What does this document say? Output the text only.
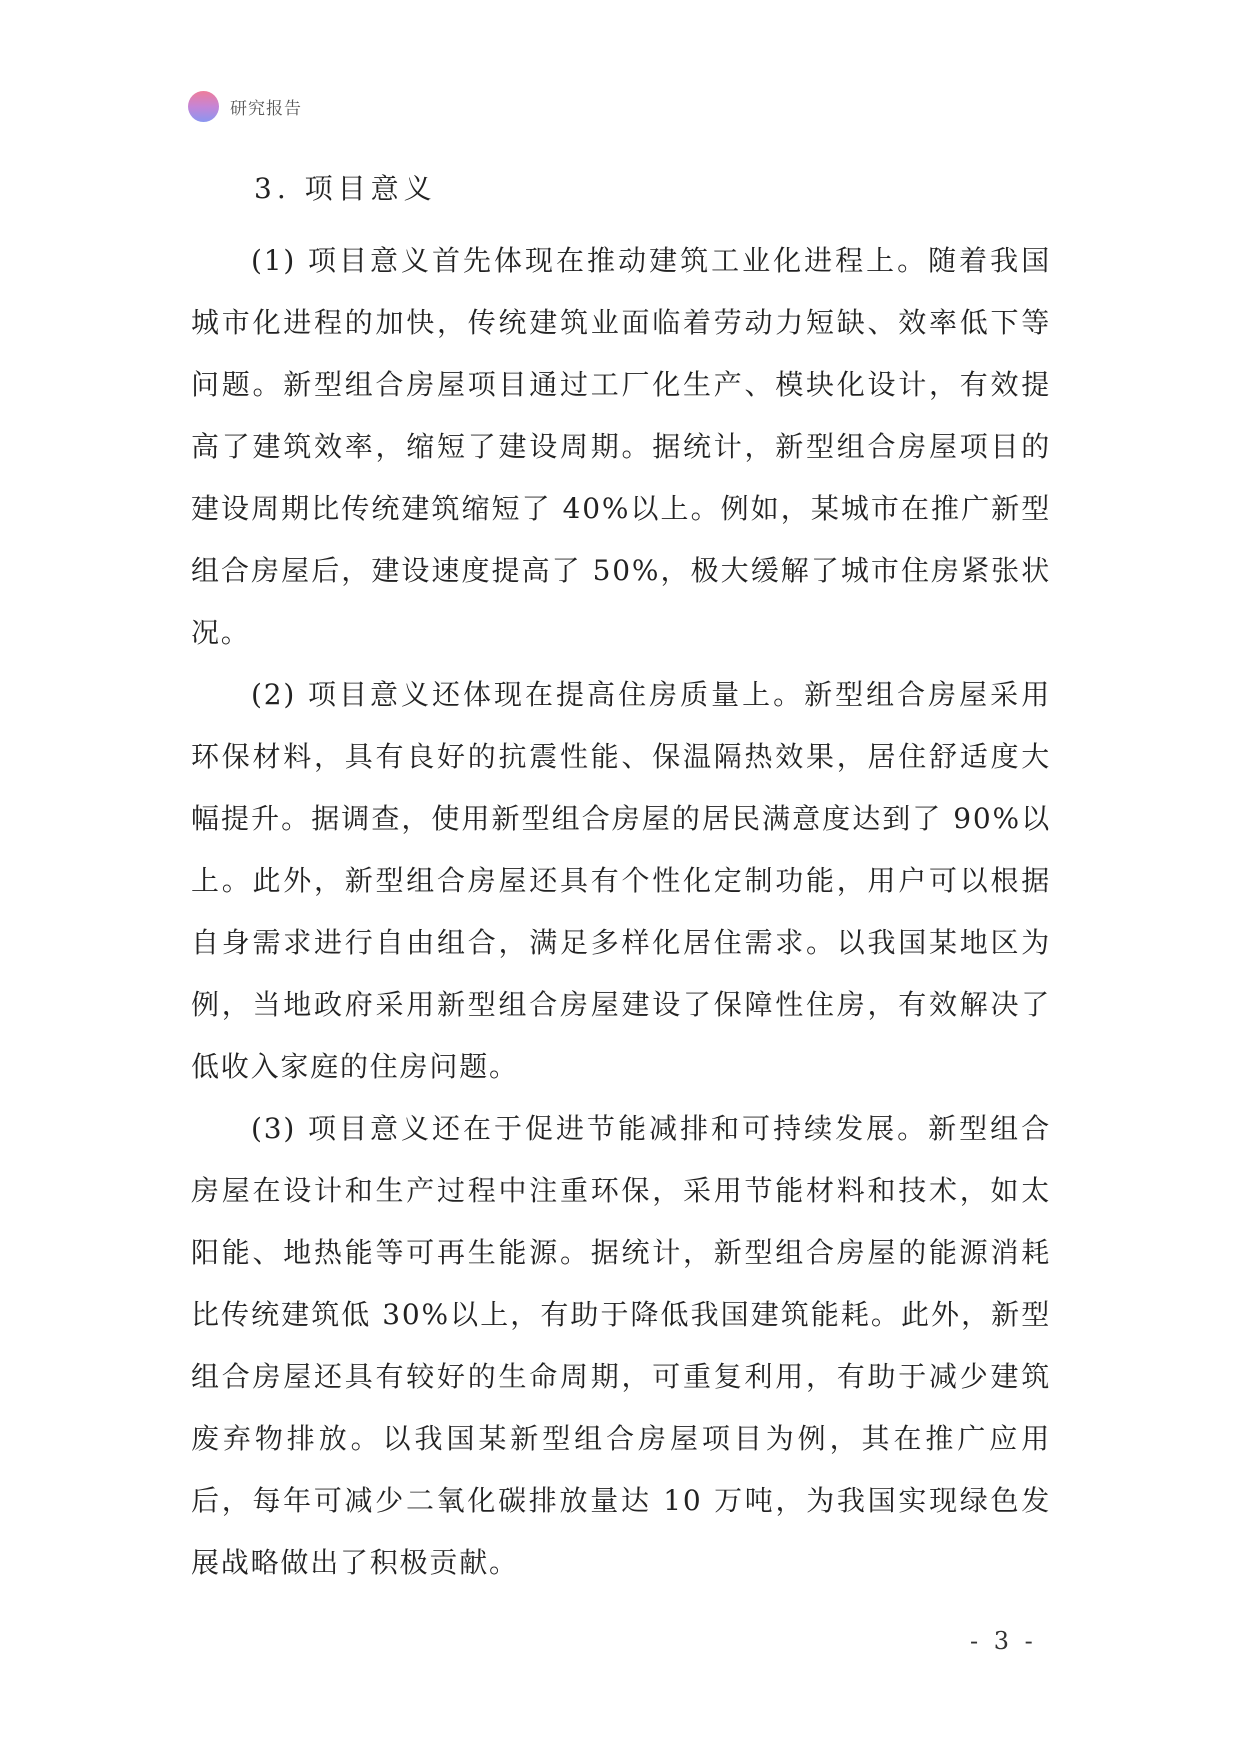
研究报告
3. 项目意义

(1) 项目意义首先体现在推动建筑工业化进程上。随着我国城市化进程的加快，传统建筑业面临着劳动力短缺、效率低下等问题。新型组合房屋项目通过工厂化生产、模块化设计，有效提高了建筑效率，缩短了建设周期。据统计，新型组合房屋项目的建设周期比传统建筑缩短了 40%以上。例如，某城市在推广新型组合房屋后，建设速度提高了 50%，极大缓解了城市住房紧张状况。

(2) 项目意义还体现在提高住房质量上。新型组合房屋采用环保材料，具有良好的抗震性能、保温隔热效果，居住舒适度大幅提升。据调查，使用新型组合房屋的居民满意度达到了 90%以上。此外，新型组合房屋还具有个性化定制功能，用户可以根据自身需求进行自由组合，满足多样化居住需求。以我国某地区为例，当地政府采用新型组合房屋建设了保障性住房，有效解决了低收入家庭的住房问题。

(3) 项目意义还在于促进节能减排和可持续发展。新型组合房屋在设计和生产过程中注重环保，采用节能材料和技术，如太阳能、地热能等可再生能源。据统计，新型组合房屋的能源消耗比传统建筑低 30%以上，有助于降低我国建筑能耗。此外，新型组合房屋还具有较好的生命周期，可重复利用，有助于减少建筑废弃物排放。以我国某新型组合房屋项目为例，其在推广应用后，每年可减少二氧化碳排放量达 10 万吨，为我国实现绿色发展战略做出了积极贡献。

- 3 -
